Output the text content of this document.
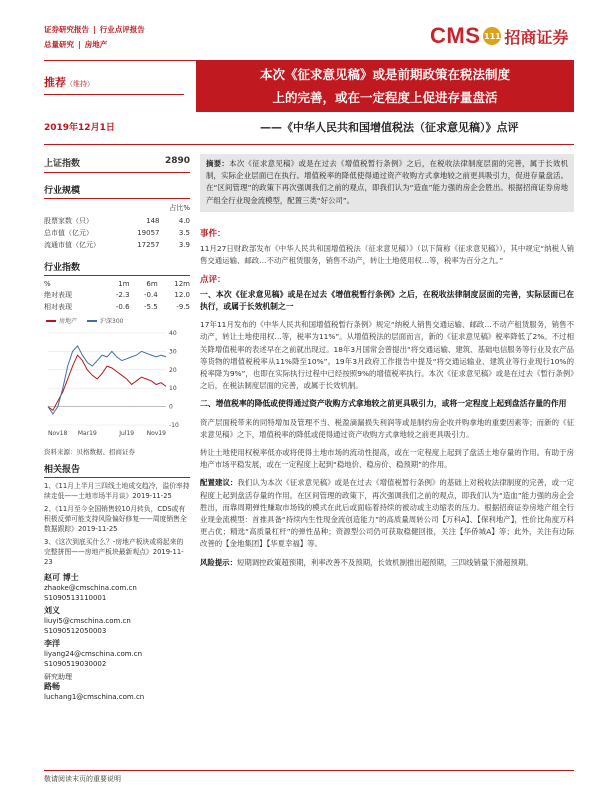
证券研究报告 | 行业点评报告
总量研究 | 房地产	CMS 111 招商证券
推荐（维持）
本次《征求意见稿》或是前期政策在税法制度
上的完善，或在一定程度上促进存量盘活
2019年12月1日	——《中华人民共和国增值税法（征求意见稿）》点评
上证指数	2890
行业规模
		占比%
股票家数（只）	148	4.0
总市值（亿元）	19057	3.5
流通市值（亿元）	17257	3.9
行业指数
%	1m	6m	12m
绝对表现	-2.3	-0.4	12.0
相对表现	-0.6	-5.5	-9.5
房地产	沪深300
40
30
20
10
0
-10
Nov18 Mar19	Jul19 Nov19
资料来源：贝格数据、招商证券
相关报告
1、《11月上半月三四线土地成交趋冷，溢价率持续走低——土地市场半月谈》2019-11-25
2、《11月至今全国销售较10月转负，CDS或有积极反弹可能支持风险偏好修复——周度销售全数据跟踪》2019-11-25
3、《这次到底买什么？-房地产板块或将起来的完整拼图——房地产板块最新观点》2019-11-23
赵可 博士
zhaoke@cmschina.com.cn
S1090513110001
刘义
liuyi5@cmschina.com.cn
S1090512050003
李洋
liyang24@cmschina.com.cn
S1090519030002
研究助理
路畅
luchang1@cmschina.com.cn
摘要：本次《征求意见稿》或是在过去《增值税暂行条例》之后，在税收法律制度层面的完善，属于长效机制，实际企业层面已在执行。增值税率的降低使得通过资产收购方式拿地较之前更具吸引力，促进存量盘活。在“区间管理”的政策下再次强调我们之前的观点，即我们认为“造血”能力强的房企会胜出。根据招商证券房地产组全行业现金流模型，配置三类“好公司”。
事件：

11月27日财政部发布《中华人民共和国增值税法（征求意见稿）》（以下简称《征求意见稿》），其中规定“纳税人销售交通运输、邮政…不动产租赁服务，销售不动产，转让土地使用权…等，税率为百分之九。”

点评：

一、本次《征求意见稿》或是在过去《增值税暂行条例》之后，在税收法律制度层面的完善，实际层面已在执行，或属于长效机制之一

17年11月发布的《中华人民共和国增值税暂行条例》规定“纳税人销售交通运输、邮政…不动产租赁服务，销售不动产，转让土地使用权…等，税率为11%”。从增值税法的层面而言，新的《征求意见稿》税率降低了2%。不过相关降增值税率的表述早在之前就出现过。18年3月国常会曾提出“将交通运输、建筑、基础电信服务等行业及农产品等货物的增值税税率从11%降至10%”。19年3月政府工作报告中提及“将交通运输业、建筑业等行业现行10%的税率降为9%”，也即在实际执行过程中已经按照9%的增值税率执行。本次《征求意见稿》或是在过去《暂行条例》之后，在税法制度层面的完善，或属于长效机制。

二、增值税率的降低或使得通过资产收购方式拿地较之前更具吸引力，或将一定程度上起到盘活存量的作用

资产层面税带来的同特增加及管理不当、税盈滴漏损失利润等或是制约房企收并购拿地的重要因素等；而新的《征求意见稿》之下，增值税率的降低或使得通过资产收购方式拿地较之前更具吸引力。

转让土地使用权税率低亦或将使得土地市场的流动性提高，或在一定程度上起到了盘活土地存量的作用。有助于房地产市场平稳发展，或在一定程度上起到“稳地价、稳房价、稳预期”的作用。

配置建议：我们认为本次《征求意见稿》或是在过去《增值税暂行条例》的基础上对税收法律制度的完善，或一定程度上起到盘活存量的作用。在区间管理的政策下，再次强调我们之前的观点，即我们认为“造血”能力强的房企会胜出，而靠周期弹性赚取市场钱的模式在此后或面临着持续的被动或主动缩表的压力。根据招商证券房地产组全行业现金流模型：首推具备“持续内生性现金流创造能力”的高质量周转公司【万科A】、【保利地产】，性价比角度万科更占优；精选“高质量杠杆”的弹性品种；资源型公司仍可获取稳健回报，关注【华侨城A】等；此外，关注有边际改善的【金地集团】【华夏幸福】等。

风险提示：短期调控政策超预期，利率改善不及预期，长效机制推出超预期，三四线销量下滑超预期。

敬请阅读末页的重要说明
